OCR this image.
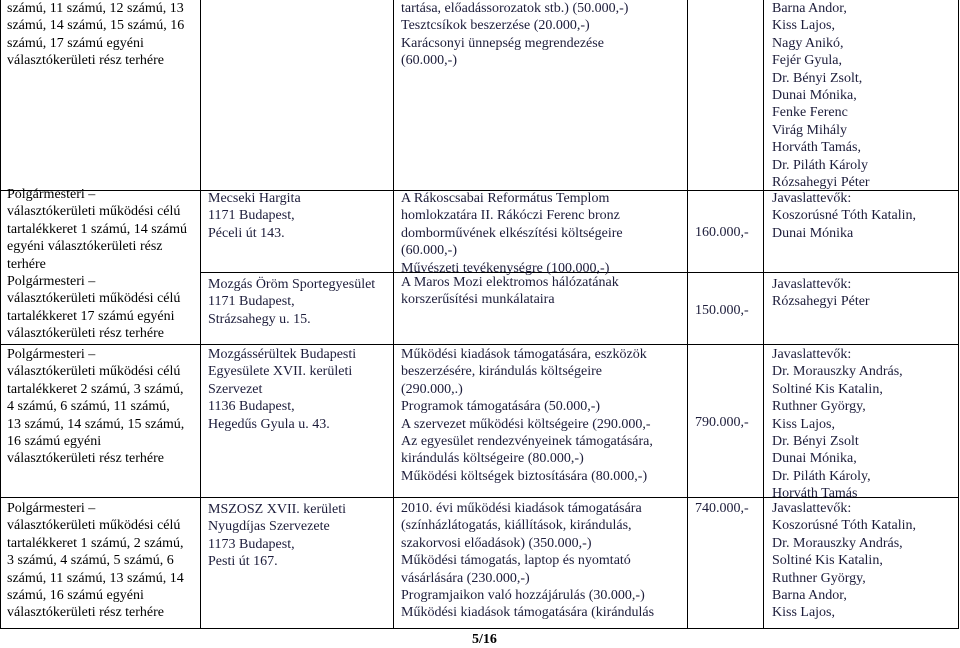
számú, 11 számú, 12 számú, 13
számú, 14 számú, 15 számú, 16
számú, 17 számú egyéni
választókerületi rész terhére
tartása, előadássorozatok stb.) (50.000,-)
Tesztcsíkok beszerzése (20.000,-)
Karácsonyi ünnepség megrendezése
(60.000,-)
Barna Andor,
Kiss Lajos,
Nagy Anikó,
Fejér Gyula,
Dr. Bényi Zsolt,
Dunai Mónika,
Fenke Ferenc
Virág Mihály
Horváth Tamás,
Dr. Piláth Károly
Rózsahegyi Péter
Polgármesteri –
választókerületi működési célú
tartalékkeret 1 számú, 14 számú
egyéni választókerületi rész
terhére
Polgármesteri –
választókerületi működési célú
tartalékkeret 17 számú egyéni
választókerületi rész terhére
Mecseki Hargita
1171 Budapest,
Péceli út 143.
A Rákoscsabai Református Templom
homlokzatára II. Rákóczi Ferenc bronz
domborművének elkészítési költségeire
(60.000,-)
Művészeti tevékenységre (100.000,-)
160.000,-
Javaslattevők:
Koszorúsné Tóth Katalin,
Dunai Mónika
Mozgás Öröm Sportegyesület
1171 Budapest,
Strázsahegy u. 15.
A Maros Mozi elektromos hálózatának
korszerűsítési munkálataira
150.000,-
Javaslattevők:
Rózsahegyi Péter
Polgármesteri –
választókerületi működési célú
tartalékkeret 2 számú, 3 számú,
4 számú, 6 számú, 11 számú,
13 számú, 14 számú, 15 számú,
16 számú egyéni
választókerületi rész terhére
Mozgássérültek Budapesti
Egyesülete XVII. kerületi
Szervezet
1136 Budapest,
Hegedűs Gyula u. 43.
Működési kiadások támogatására, eszközök
beszerzésére, kirándulás költségeire
(290.000,.)
Programok támogatására (50.000,-)
A szervezet működési költségeire (290.000,-
Az egyesület rendezvényeinek támogatására,
kirándulás költségeire (80.000,-)
Működési költségek biztosítására (80.000,-)
790.000,-
Javaslattevők:
Dr. Morauszky András,
Soltiné Kis Katalin,
Ruthner György,
Kiss Lajos,
Dr. Bényi Zsolt
Dunai Mónika,
Dr. Piláth Károly,
Horváth Tamás
Polgármesteri –
választókerületi működési célú
tartalékkeret 1 számú, 2 számú,
3 számú, 4 számú, 5 számú, 6
számú, 11 számú, 13 számú, 14
számú, 16 számú egyéni
választókerületi rész terhére
MSZOSZ XVII. kerületi
Nyugdíjas Szervezete
1173 Budapest,
Pesti út 167.
2010. évi működési kiadások támogatására
(színházlátogatás, kiállítások, kirándulás,
szakorvosi előadások) (350.000,-)
Működési támogatás, laptop és nyomtató
vásárlására (230.000,-)
Programjaikon való hozzájárulás (30.000,-)
Működési kiadások támogatására (kirándulás
740.000,- Javaslattevők:
Koszorúsné Tóth Katalin,
Dr. Morauszky András,
Soltiné Kis Katalin,
Ruthner György,
Barna Andor,
Kiss Lajos,
5/16
